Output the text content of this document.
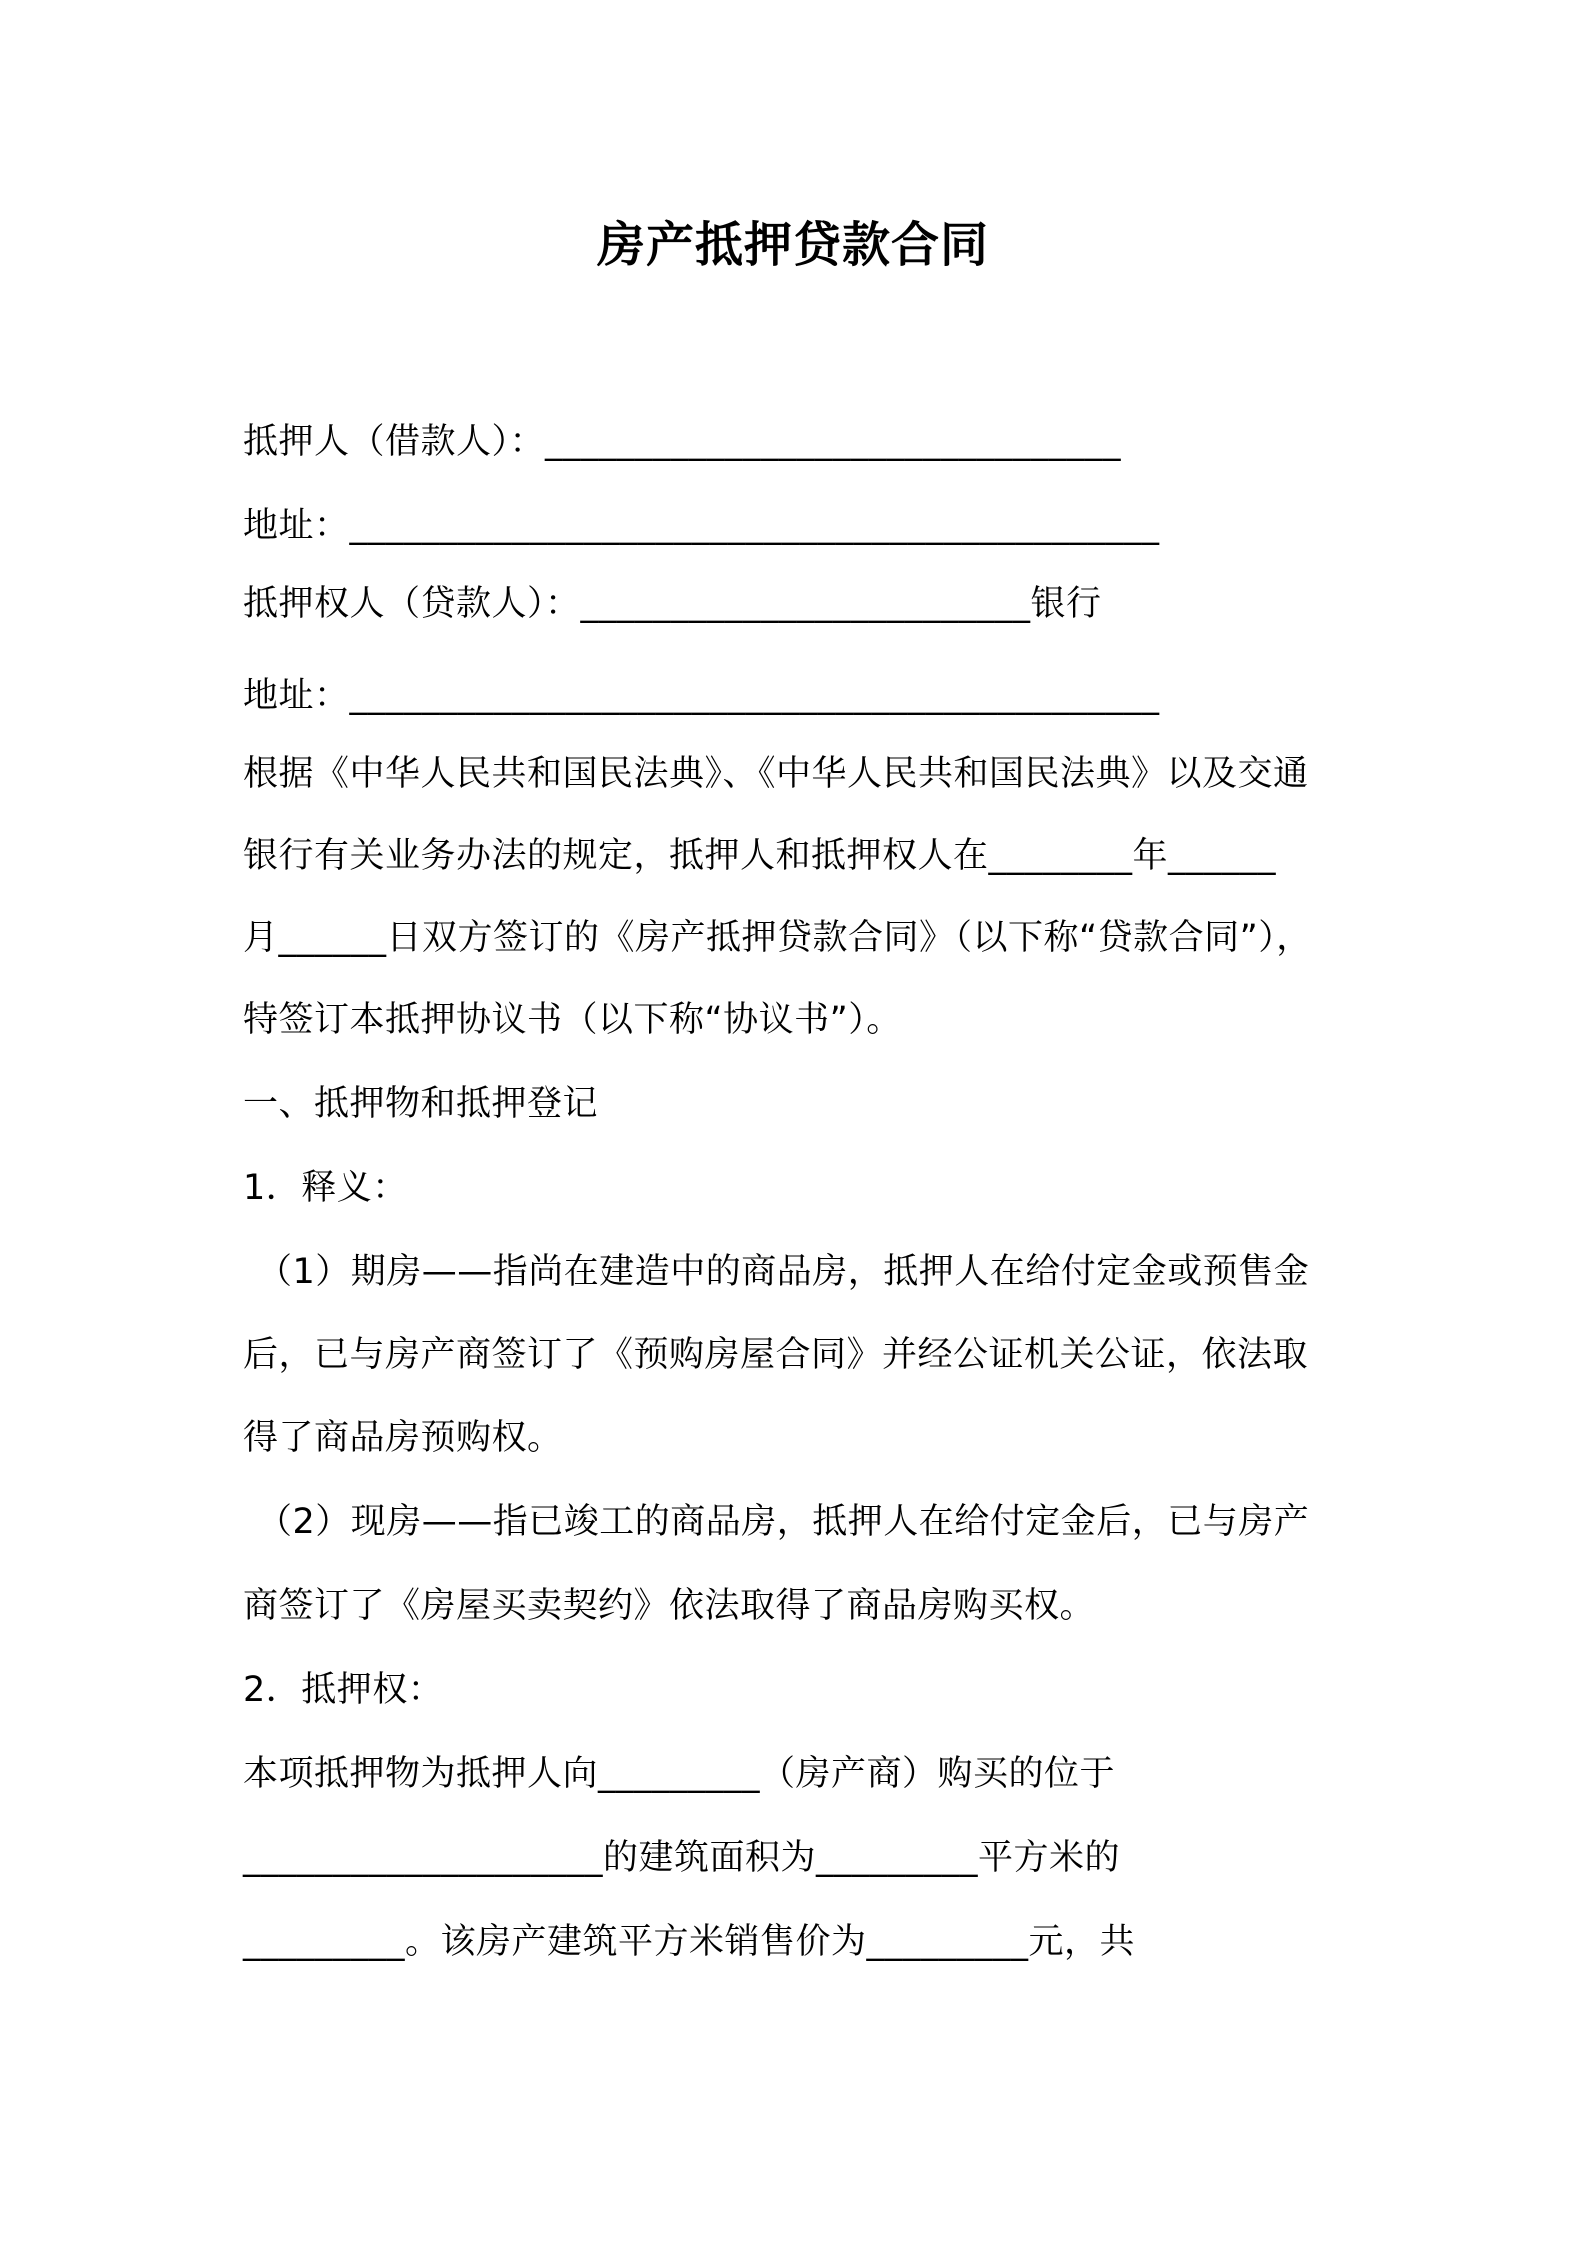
房产抵押贷款合同
抵押人（借款人）：________________________________
地址：_____________________________________________
抵押权人（贷款人）：_________________________银行
地址：_____________________________________________
根据《中华人民共和国民法典》、《中华人民共和国民法典》以及交通
银行有关业务办法的规定，抵押人和抵押权人在________年______
月______日双方签订的《房产抵押贷款合同》（以下称“贷款合同”），
特签订本抵押协议书（以下称“协议书”）。
一、抵押物和抵押登记
1．释义：
（1）期房——指尚在建造中的商品房，抵押人在给付定金或预售金
后，已与房产商签订了《预购房屋合同》并经公证机关公证，依法取
得了商品房预购权。
（2）现房——指已竣工的商品房，抵押人在给付定金后，已与房产
商签订了《房屋买卖契约》依法取得了商品房购买权。
2．抵押权：
本项抵押物为抵押人向_________（房产商）购买的位于
____________________的建筑面积为_________平方米的
_________。该房产建筑平方米销售价为_________元，共
